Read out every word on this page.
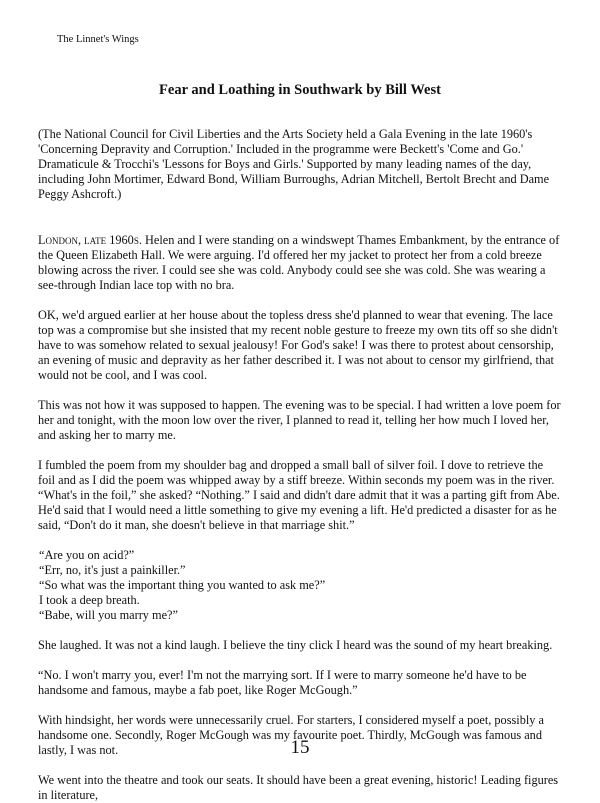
The Linnet's Wings

Fear and Loathing in Southwark by Bill West

(The National Council for Civil Liberties and the Arts Society held a Gala Evening in the late 1960's 'Concerning Depravity and Corruption.' Included in the programme were Beckett's 'Come and Go.' Dramaticule & Trocchi's 'Lessons for Boys and Girls.' Supported by many leading names of the day, including John Mortimer, Edward Bond, William Burroughs, Adrian Mitchell, Bertolt Brecht and Dame Peggy Ashcroft.)

London, late 1960s. Helen and I were standing on a windswept Thames Embankment, by the entrance of the Queen Elizabeth Hall. We were arguing. I'd offered her my jacket to protect her from a cold breeze blowing across the river. I could see she was cold. Anybody could see she was cold. She was wearing a see-through Indian lace top with no bra.

OK, we'd argued earlier at her house about the topless dress she'd planned to wear that evening. The lace top was a compromise but she insisted that my recent noble gesture to freeze my own tits off so she didn't have to was somehow related to sexual jealousy! For God's sake! I was there to protest about censorship, an evening of music and depravity as her father described it. I was not about to censor my girlfriend, that would not be cool, and I was cool.

This was not how it was supposed to happen. The evening was to be special. I had written a love poem for her and tonight, with the moon low over the river, I planned to read it, telling her how much I loved her, and asking her to marry me.

I fumbled the poem from my shoulder bag and dropped a small ball of silver foil. I dove to retrieve the foil and as I did the poem was whipped away by a stiff breeze. Within seconds my poem was in the river. “What's in the foil,” she asked? “Nothing.” I said and didn't dare admit that it was a parting gift from Abe. He'd said that I would need a little something to give my evening a lift. He'd predicted a disaster for as he said, “Don't do it man, she doesn't believe in that marriage shit.”

“Are you on acid?”

“Err, no, it's just a painkiller.”

“So what was the important thing you wanted to ask me?”

I took a deep breath.

“Babe, will you marry me?”

She laughed. It was not a kind laugh. I believe the tiny click I heard was the sound of my heart breaking.

“No. I won't marry you, ever! I'm not the marrying sort. If I were to marry someone he'd have to be handsome and famous, maybe a fab poet, like Roger McGough.”

With hindsight, her words were unnecessarily cruel. For starters, I considered myself a poet, possibly a handsome one. Secondly, Roger McGough was my favourite poet. Thirdly, McGough was famous and lastly, I was not.

We went into the theatre and took our seats. It should have been a great evening, historic! Leading figures in literature,

15
